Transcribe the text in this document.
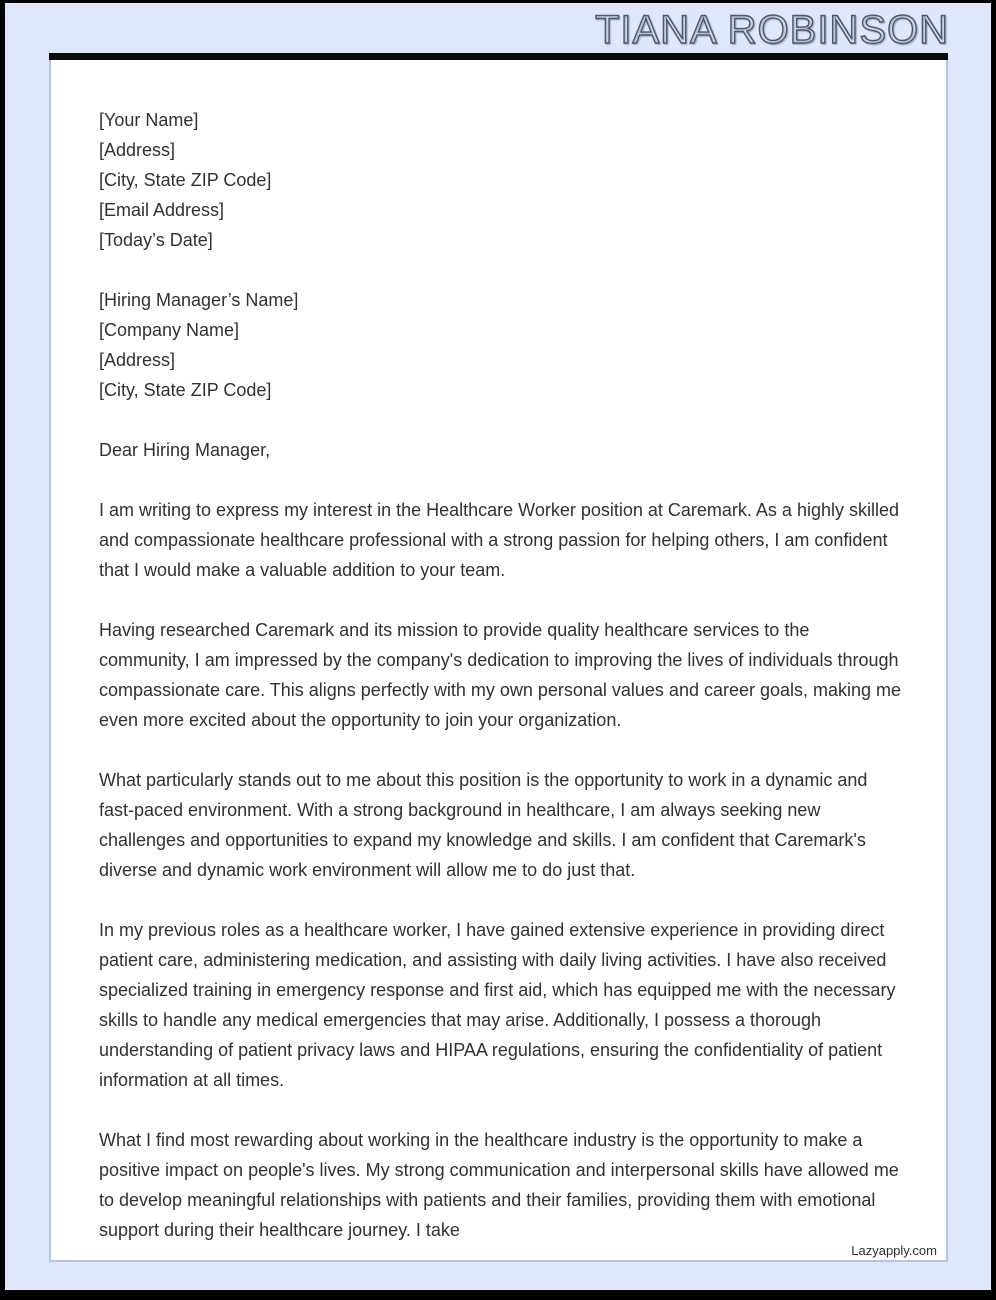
TIANA ROBINSON
[Your Name]
[Address]
[City, State ZIP Code]
[Email Address]
[Today’s Date]
[Hiring Manager’s Name]
[Company Name]
[Address]
[City, State ZIP Code]

Dear Hiring Manager,

I am writing to express my interest in the Healthcare Worker position at Caremark. As a highly skilled and compassionate healthcare professional with a strong passion for helping others, I am confident that I would make a valuable addition to your team.

Having researched Caremark and its mission to provide quality healthcare services to the community, I am impressed by the company's dedication to improving the lives of individuals through compassionate care. This aligns perfectly with my own personal values and career goals, making me even more excited about the opportunity to join your organization.

What particularly stands out to me about this position is the opportunity to work in a dynamic and fast-paced environment. With a strong background in healthcare, I am always seeking new challenges and opportunities to expand my knowledge and skills. I am confident that Caremark's diverse and dynamic work environment will allow me to do just that.

In my previous roles as a healthcare worker, I have gained extensive experience in providing direct patient care, administering medication, and assisting with daily living activities. I have also received specialized training in emergency response and first aid, which has equipped me with the necessary skills to handle any medical emergencies that may arise. Additionally, I possess a thorough understanding of patient privacy laws and HIPAA regulations, ensuring the confidentiality of patient information at all times.

What I find most rewarding about working in the healthcare industry is the opportunity to make a positive impact on people's lives. My strong communication and interpersonal skills have allowed me to develop meaningful relationships with patients and their families, providing them with emotional support during their healthcare journey. I take

Lazyapply.com
